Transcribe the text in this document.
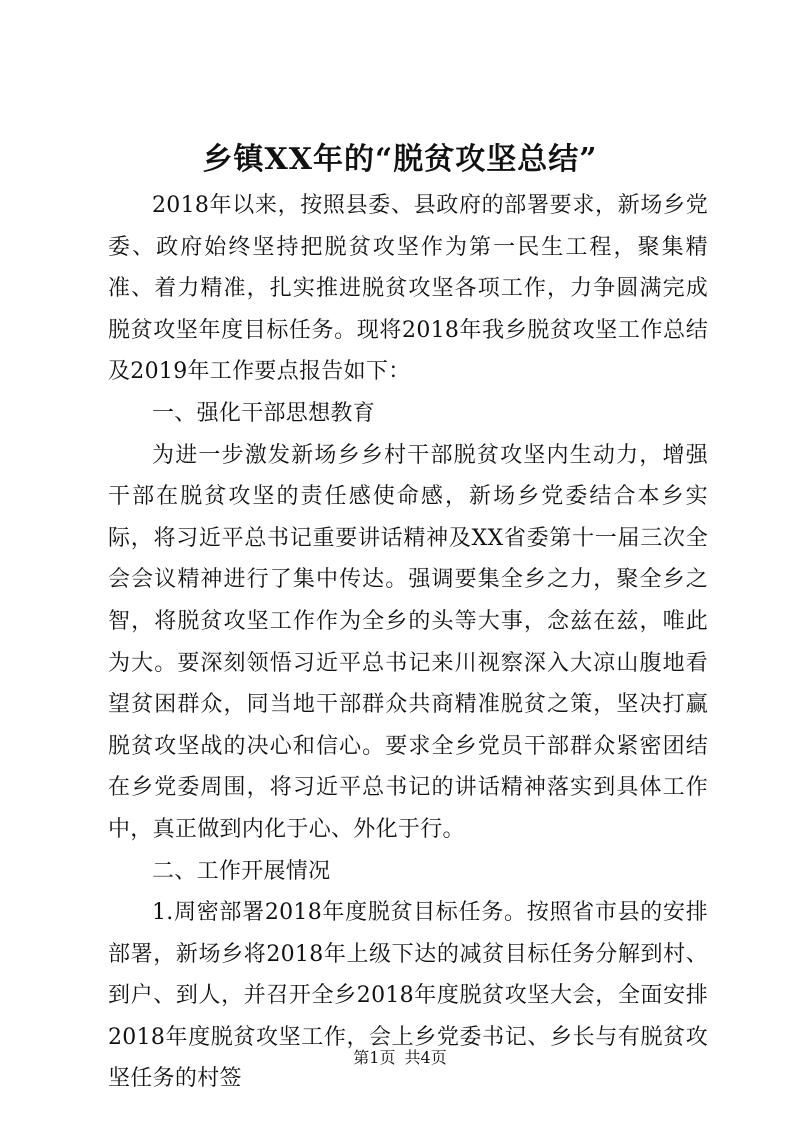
乡镇XX年的“脱贫攻坚总结”

2018年以来，按照县委、县政府的部署要求，新场乡党委、政府始终坚持把脱贫攻坚作为第一民生工程，聚集精准、着力精准，扎实推进脱贫攻坚各项工作，力争圆满完成脱贫攻坚年度目标任务。现将2018年我乡脱贫攻坚工作总结及2019年工作要点报告如下：

一、强化干部思想教育

为进一步激发新场乡乡村干部脱贫攻坚内生动力，增强干部在脱贫攻坚的责任感使命感，新场乡党委结合本乡实际，将习近平总书记重要讲话精神及XX省委第十一届三次全会会议精神进行了集中传达。强调要集全乡之力，聚全乡之智，将脱贫攻坚工作作为全乡的头等大事，念兹在兹，唯此为大。要深刻领悟习近平总书记来川视察深入大凉山腹地看望贫困群众，同当地干部群众共商精准脱贫之策，坚决打赢脱贫攻坚战的决心和信心。要求全乡党员干部群众紧密团结在乡党委周围，将习近平总书记的讲话精神落实到具体工作中，真正做到内化于心、外化于行。

二、工作开展情况

1.周密部署2018年度脱贫目标任务。按照省市县的安排部署，新场乡将2018年上级下达的减贫目标任务分解到村、到户、到人，并召开全乡2018年度脱贫攻坚大会，全面安排2018年度脱贫攻坚工作，会上乡党委书记、乡长与有脱贫攻坚任务的村签

第1页 共4页
